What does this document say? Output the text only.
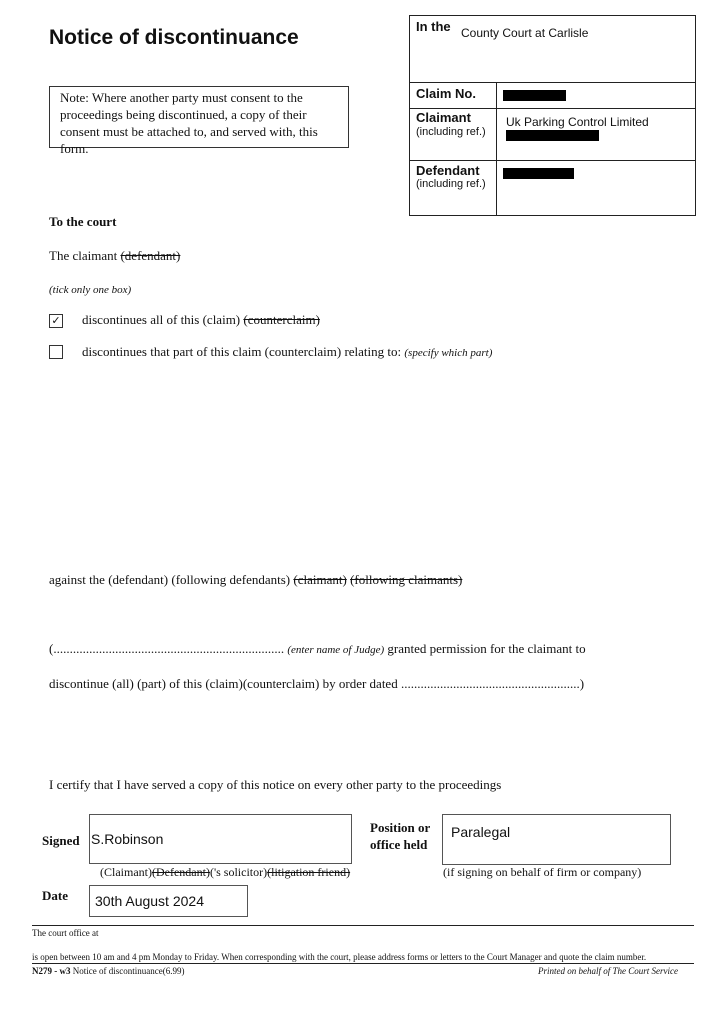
Notice of discontinuance
Note: Where another party must consent to the proceedings being discontinued, a copy of their consent must be attached to, and served with, this form.
In the County Court at Carlisle
Claim No.
Claimant
(including ref.)
Uk Parking Control Limited
Defendant
(including ref.)
To the court
The claimant (defendant)
(tick only one box)
✓ discontinues all of this (claim) (counterclaim)
discontinues that part of this claim (counterclaim) relating to: (specify which part)
against the (defendant) (following defendants) (claimant) (following claimants)
(....................................................................... (enter name of Judge) granted permission for the claimant to
discontinue (all) (part) of this (claim)(counterclaim) by order dated .......................................................)
I certify that I have served a copy of this notice on every other party to the proceedings
Signed S.Robinson
(Claimant)(Defendant)('s solicitor)(litigation friend)
Position or
office held
Paralegal
(if signing on behalf of firm or company)
Date	30th August 2024
The court office at
is open between 10 am and 4 pm Monday to Friday. When corresponding with the court, please address forms or letters to the Court Manager and quote the claim number.
N279 - w3 Notice of discontinuance(6.99)	Printed on behalf of The Court Service
